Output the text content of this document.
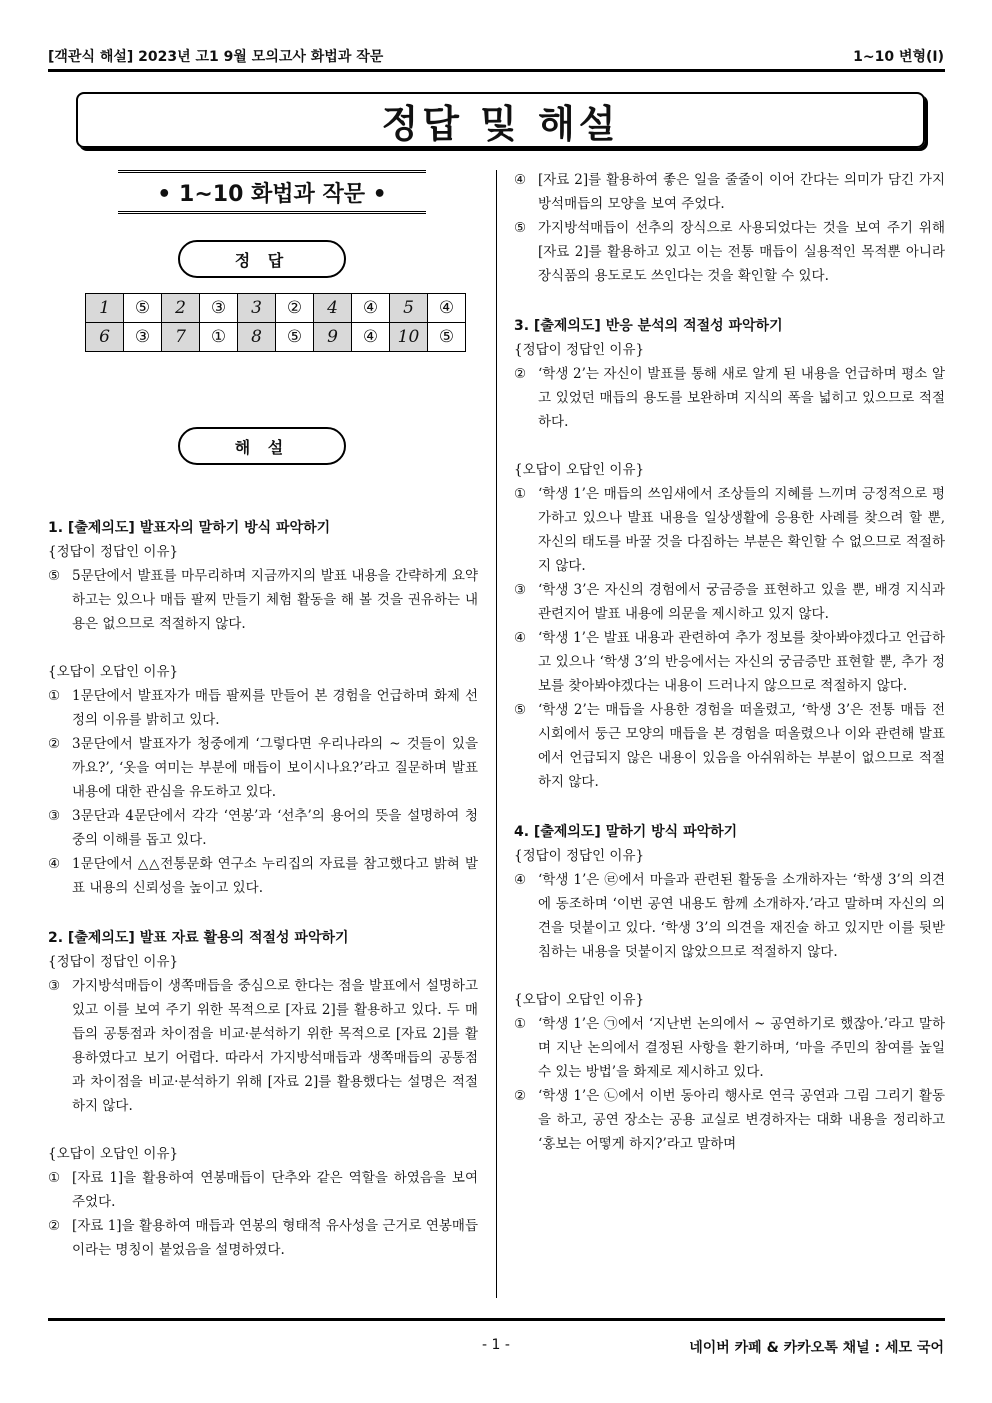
[객관식 해설] 2023년 고1 9월 모의고사 화법과 작문	1~10 변형(I)
정답 및 해설
• 1~10 화법과 작문 •
정 답
1	⑤	2	③	3	②	4	④	5	④
6	③	7	①	8	⑤	9	④	10	⑤
해 설
1. [출제의도] 발표자의 말하기 방식 파악하기
{정답이 정답인 이유}
⑤ 5문단에서 발표를 마무리하며 지금까지의 발표 내용을 간략하게 요약하고는 있으나 매듭 팔찌 만들기 체험 활동을 해 볼 것을 권유하는 내용은 없으므로 적절하지 않다.
{오답이 오답인 이유}
① 1문단에서 발표자가 매듭 팔찌를 만들어 본 경험을 언급하며 화제 선정의 이유를 밝히고 있다.
② 3문단에서 발표자가 청중에게 ‘그렇다면 우리나라의 ~ 것들이 있을까요?’, ‘옷을 여미는 부분에 매듭이 보이시나요?’라고 질문하며 발표 내용에 대한 관심을 유도하고 있다.
③ 3문단과 4문단에서 각각 ‘연봉’과 ‘선추’의 용어의 뜻을 설명하여 청중의 이해를 돕고 있다.
④ 1문단에서 △△전통문화 연구소 누리집의 자료를 참고했다고 밝혀 발표 내용의 신뢰성을 높이고 있다.
2. [출제의도] 발표 자료 활용의 적절성 파악하기
{정답이 정답인 이유}
③ 가지방석매듭이 생쪽매듭을 중심으로 한다는 점을 발표에서 설명하고 있고 이를 보여 주기 위한 목적으로 [자료 2]를 활용하고 있다. 두 매듭의 공통점과 차이점을 비교·분석하기 위한 목적으로 [자료 2]를 활용하였다고 보기 어렵다. 따라서 가지방석매듭과 생쪽매듭의 공통점과 차이점을 비교·분석하기 위해 [자료 2]를 활용했다는 설명은 적절하지 않다.
{오답이 오답인 이유}
① [자료 1]을 활용하여 연봉매듭이 단추와 같은 역할을 하였음을 보여 주었다.
② [자료 1]을 활용하여 매듭과 연봉의 형태적 유사성을 근거로 연봉매듭이라는 명칭이 붙었음을 설명하였다.
④ [자료 2]를 활용하여 좋은 일을 줄줄이 이어 간다는 의미가 담긴 가지방석매듭의 모양을 보여 주었다.
⑤ 가지방석매듭이 선추의 장식으로 사용되었다는 것을 보여 주기 위해 [자료 2]를 활용하고 있고 이는 전통 매듭이 실용적인 목적뿐 아니라 장식품의 용도로도 쓰인다는 것을 확인할 수 있다.
3. [출제의도] 반응 분석의 적절성 파악하기
{정답이 정답인 이유}
② ‘학생 2’는 자신이 발표를 통해 새로 알게 된 내용을 언급하며 평소 알고 있었던 매듭의 용도를 보완하며 지식의 폭을 넓히고 있으므로 적절하다.
{오답이 오답인 이유}
① ‘학생 1’은 매듭의 쓰임새에서 조상들의 지혜를 느끼며 긍정적으로 평가하고 있으나 발표 내용을 일상생활에 응용한 사례를 찾으려 할 뿐, 자신의 태도를 바꿀 것을 다짐하는 부분은 확인할 수 없으므로 적절하지 않다.
③ ‘학생 3’은 자신의 경험에서 궁금증을 표현하고 있을 뿐, 배경 지식과 관련지어 발표 내용에 의문을 제시하고 있지 않다.
④ ‘학생 1’은 발표 내용과 관련하여 추가 정보를 찾아봐야겠다고 언급하고 있으나 ‘학생 3’의 반응에서는 자신의 궁금증만 표현할 뿐, 추가 정보를 찾아봐야겠다는 내용이 드러나지 않으므로 적절하지 않다.
⑤ ‘학생 2’는 매듭을 사용한 경험을 떠올렸고, ‘학생 3’은 전통 매듭 전시회에서 둥근 모양의 매듭을 본 경험을 떠올렸으나 이와 관련해 발표에서 언급되지 않은 내용이 있음을 아쉬워하는 부분이 없으므로 적절하지 않다.
4. [출제의도] 말하기 방식 파악하기
{정답이 정답인 이유}
④ ‘학생 1’은 ㉣에서 마을과 관련된 활동을 소개하자는 ‘학생 3’의 의견에 동조하며 ‘이번 공연 내용도 함께 소개하자.’라고 말하며 자신의 의견을 덧붙이고 있다. ‘학생 3’의 의견을 재진술 하고 있지만 이를 뒷받침하는 내용을 덧붙이지 않았으므로 적절하지 않다.
{오답이 오답인 이유}
① ‘학생 1’은 ㉠에서 ‘지난번 논의에서 ~ 공연하기로 했잖아.’라고 말하며 지난 논의에서 결정된 사항을 환기하며, ‘마을 주민의 참여를 높일 수 있는 방법’을 화제로 제시하고 있다.
② ‘학생 1’은 ㉡에서 이번 동아리 행사로 연극 공연과 그림 그리기 활동을 하고, 공연 장소는 공용 교실로 변경하자는 대화 내용을 정리하고 ‘홍보는 어떻게 하지?’라고 말하며
- 1 -	네이버 카페 & 카카오톡 채널 : 세모 국어
